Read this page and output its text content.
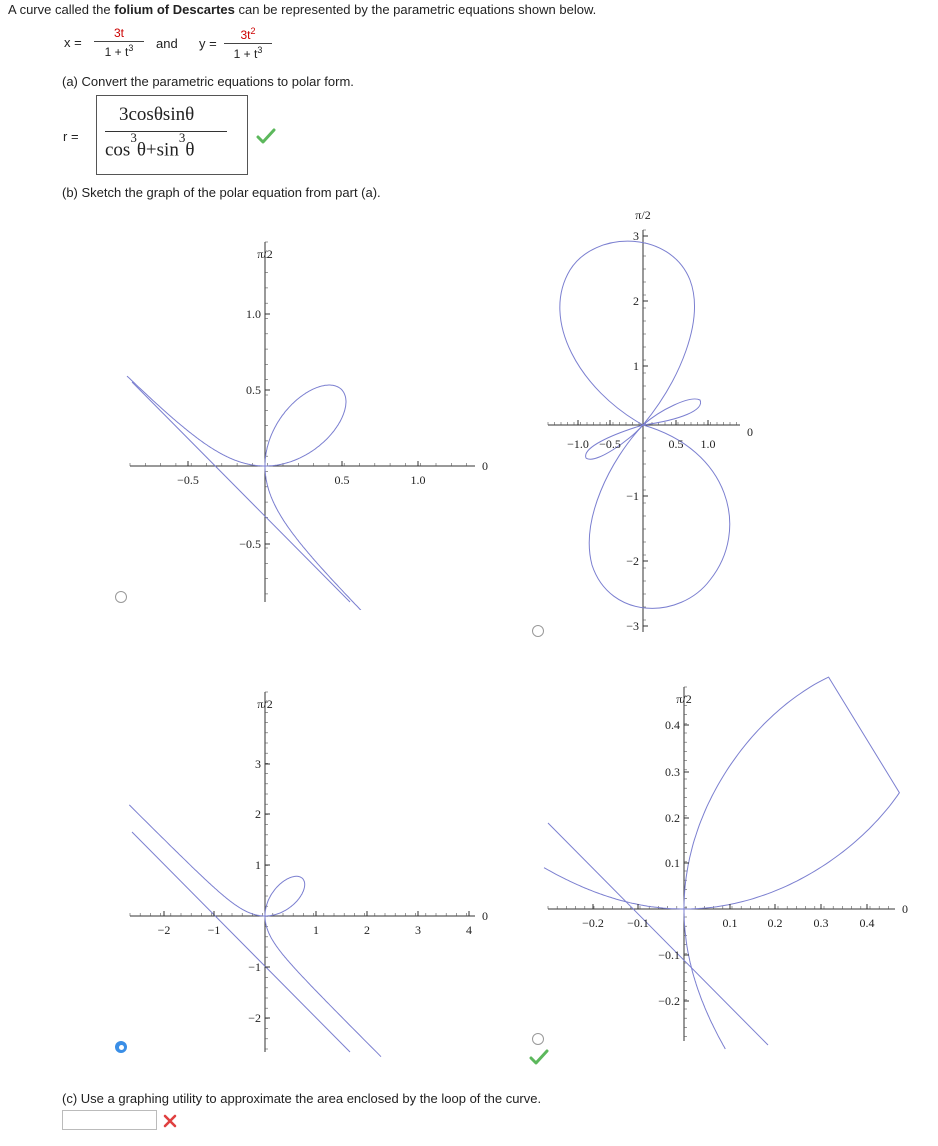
A curve called the folium of Descartes can be represented by the parametric equations shown below.
$x = \frac{3t}{1 + t^3}$ and $y = \frac{3t^2}{1 + t^3}$
(a) Convert the parametric equations to polar form.
r =
3cosθsinθ
$\cos^3\theta+\sin^3\theta$
(b) Sketch the graph of the polar equation from part (a).
π/2
0
−0.5	0.5	1.0
1.0
0.5
−0.5
π/2
0
−1.0 −0.5	0.5 1.0
3
2
1
−1
−2
−3
π/2
0
−2	−1	1	2	3	4
3
2
1
−1
−2
π/2
0
−0.2 −0.1	0.1	0.2	0.3	0.4
0.4
0.3
0.2
0.1
−0.1
−0.2
(c) Use a graphing utility to approximate the area enclosed by the loop of the curve.
